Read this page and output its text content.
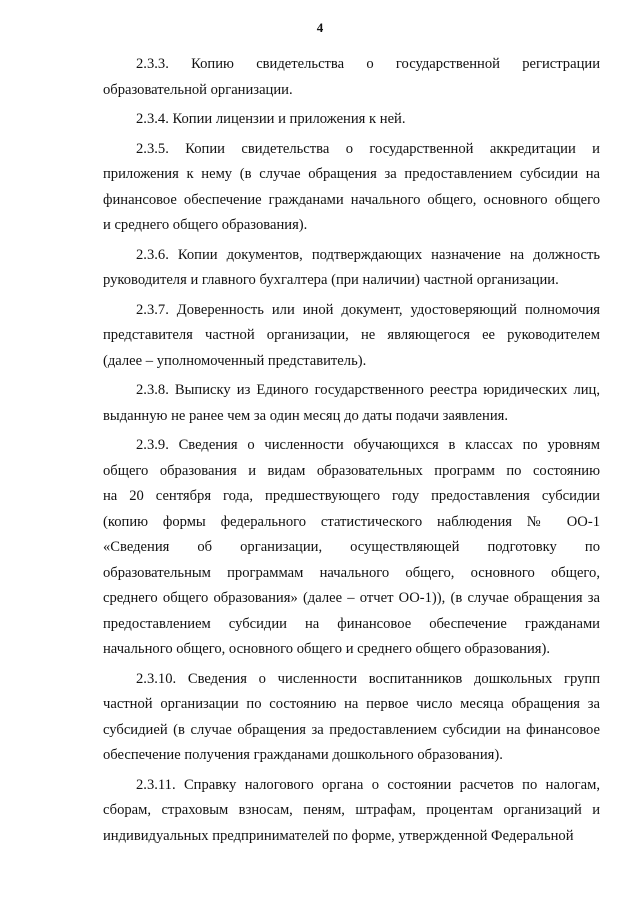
4
2.3.3. Копию свидетельства о государственной регистрации
образовательной организации.
2.3.4. Копии лицензии и приложения к ней.
2.3.5. Копии свидетельства о государственной аккредитации и
приложения к нему (в случае обращения за предоставлением субсидии на
финансовое обеспечение гражданами начального общего, основного общего
и среднего общего образования).
2.3.6. Копии документов, подтверждающих назначение на должность
руководителя и главного бухгалтера (при наличии) частной организации.
2.3.7. Доверенность или иной документ, удостоверяющий полномочия
представителя частной организации, не являющегося ее руководителем
(далее – уполномоченный представитель).
2.3.8. Выписку из Единого государственного реестра юридических лиц,
выданную не ранее чем за один месяц до даты подачи заявления.
2.3.9. Сведения о численности обучающихся в классах по уровням
общего образования и видам образовательных программ по состоянию
на 20 сентября года, предшествующего году предоставления субсидии
(копию формы федерального статистического наблюдения № ОО-1
«Сведения об организации, осуществляющей подготовку по
образовательным программам начального общего, основного общего,
среднего общего образования» (далее – отчет ОО-1)), (в случае обращения за
предоставлением субсидии на финансовое обеспечение гражданами
начального общего, основного общего и среднего общего образования).
2.3.10. Сведения о численности воспитанников дошкольных групп
частной организации по состоянию на первое число месяца обращения за
субсидией (в случае обращения за предоставлением субсидии на финансовое
обеспечение получения гражданами дошкольного образования).
2.3.11. Справку налогового органа о состоянии расчетов по налогам,
сборам, страховым взносам, пеням, штрафам, процентам организаций и
индивидуальных предпринимателей по форме, утвержденной Федеральной
